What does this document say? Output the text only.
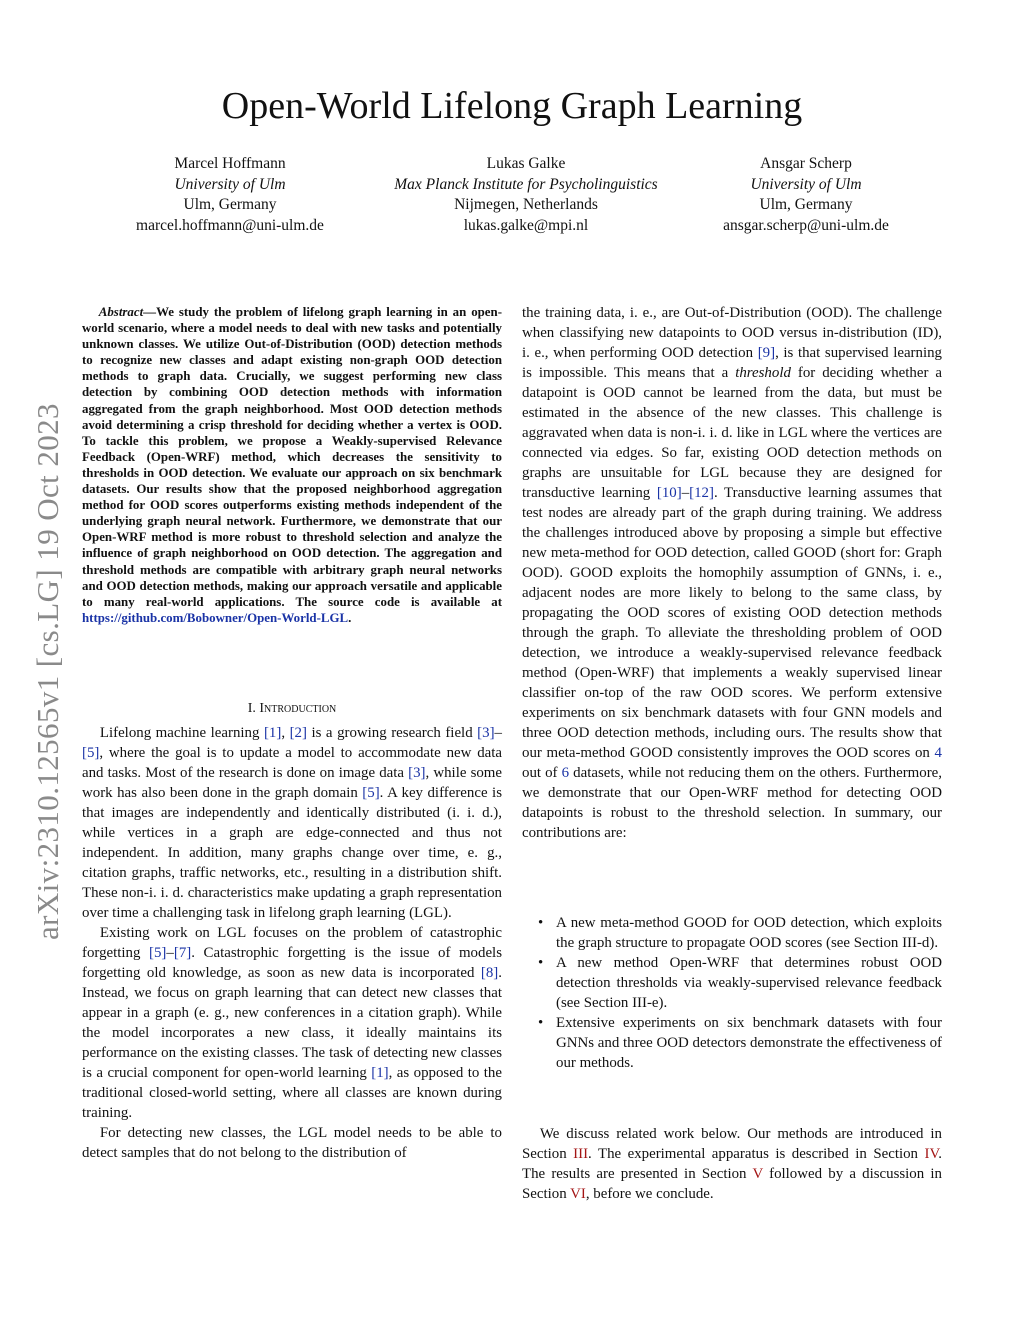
arXiv:2310.12565v1 [cs.LG] 19 Oct 2023
Open-World Lifelong Graph Learning
Marcel Hoffmann
University of Ulm
Ulm, Germany
marcel.hoffmann@uni-ulm.de
Lukas Galke
Max Planck Institute for Psycholinguistics
Nijmegen, Netherlands
lukas.galke@mpi.nl
Ansgar Scherp
University of Ulm
Ulm, Germany
ansgar.scherp@uni-ulm.de
Abstract—We study the problem of lifelong graph learning in an open-world scenario, where a model needs to deal with new tasks and potentially unknown classes. We utilize Out-of-Distribution (OOD) detection methods to recognize new classes and adapt existing non-graph OOD detection methods to graph data. Crucially, we suggest performing new class detection by combining OOD detection methods with information aggregated from the graph neighborhood. Most OOD detection methods avoid determining a crisp threshold for deciding whether a vertex is OOD. To tackle this problem, we propose a Weakly-supervised Relevance Feedback (Open-WRF) method, which decreases the sensitivity to thresholds in OOD detection. We evaluate our approach on six benchmark datasets. Our results show that the proposed neighborhood aggregation method for OOD scores outperforms existing methods independent of the underlying graph neural network. Furthermore, we demonstrate that our Open-WRF method is more robust to threshold selection and analyze the influence of graph neighborhood on OOD detection. The aggregation and threshold methods are compatible with arbitrary graph neural networks and OOD detection methods, making our approach versatile and applicable to many real-world applications. The source code is available at https://github.com/Bobowner/Open-World-LGL.
I. Introduction

Lifelong machine learning [1], [2] is a growing research field [3]–[5], where the goal is to update a model to accommodate new data and tasks. Most of the research is done on image data [3], while some work has also been done in the graph domain [5]. A key difference is that images are independently and identically distributed (i. i. d.), while vertices in a graph are edge-connected and thus not independent. In addition, many graphs change over time, e. g., citation graphs, traffic networks, etc., resulting in a distribution shift. These non-i. i. d. characteristics make updating a graph representation over time a challenging task in lifelong graph learning (LGL).

Existing work on LGL focuses on the problem of catastrophic forgetting [5]–[7]. Catastrophic forgetting is the issue of models forgetting old knowledge, as soon as new data is incorporated [8]. Instead, we focus on graph learning that can detect new classes that appear in a graph (e. g., new conferences in a citation graph). While the model incorporates a new class, it ideally maintains its performance on the existing classes. The task of detecting new classes is a crucial component for open-world learning [1], as opposed to the traditional closed-world setting, where all classes are known during training.

For detecting new classes, the LGL model needs to be able to detect samples that do not belong to the distribution of

the training data, i. e., are Out-of-Distribution (OOD). The challenge when classifying new datapoints to OOD versus in-distribution (ID), i. e., when performing OOD detection [9], is that supervised learning is impossible. This means that a threshold for deciding whether a datapoint is OOD cannot be learned from the data, but must be estimated in the absence of the new classes. This challenge is aggravated when data is non-i. i. d. like in LGL where the vertices are connected via edges. So far, existing OOD detection methods on graphs are unsuitable for LGL because they are designed for transductive learning [10]–[12]. Transductive learning assumes that test nodes are already part of the graph during training. We address the challenges introduced above by proposing a simple but effective new meta-method for OOD detection, called GOOD (short for: Graph OOD). GOOD exploits the homophily assumption of GNNs, i. e., adjacent nodes are more likely to belong to the same class, by propagating the OOD scores of existing OOD detection methods through the graph. To alleviate the thresholding problem of OOD detection, we introduce a weakly-supervised relevance feedback method (Open-WRF) that implements a weakly supervised linear classifier on-top of the raw OOD scores. We perform extensive experiments on six benchmark datasets with four GNN models and three OOD detection methods, including ours. The results show that our meta-method GOOD consistently improves the OOD scores on 4 out of 6 datasets, while not reducing them on the others. Furthermore, we demonstrate that our Open-WRF method for detecting OOD datapoints is robust to the threshold selection. In summary, our contributions are:

• A new meta-method GOOD for OOD detection, which exploits the graph structure to propagate OOD scores (see Section III-d).
• A new method Open-WRF that determines robust OOD detection thresholds via weakly-supervised relevance feedback (see Section III-e).
• Extensive experiments on six benchmark datasets with four GNNs and three OOD detectors demonstrate the effectiveness of our methods.

We discuss related work below. Our methods are introduced in Section III. The experimental apparatus is described in Section IV. The results are presented in Section V followed by a discussion in Section VI, before we conclude.
